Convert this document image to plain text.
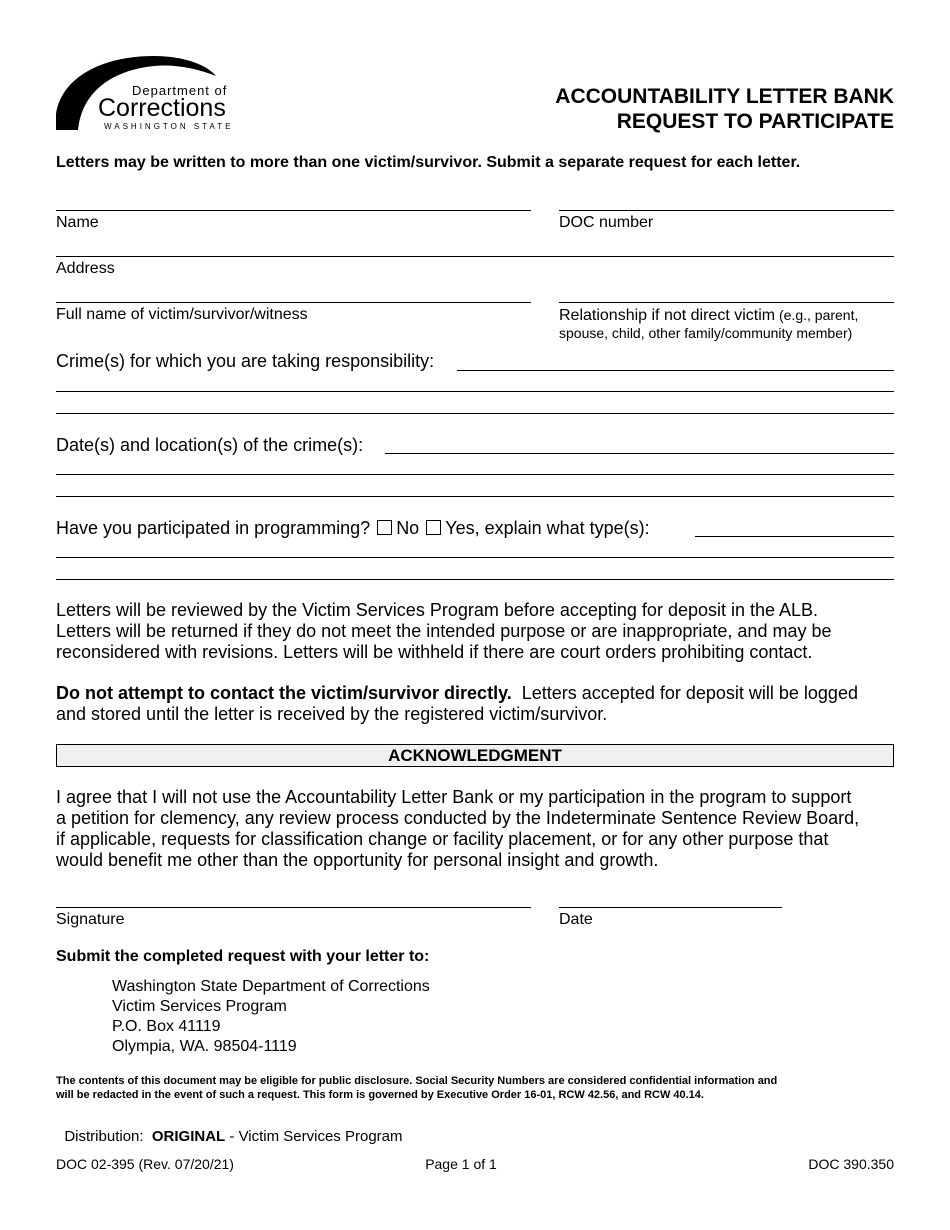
Department of
Corrections
WASHINGTON STATE
ACCOUNTABILITY LETTER BANK
REQUEST TO PARTICIPATE
Letters may be written to more than one victim/survivor. Submit a separate request for each letter.
Name	DOC number
Address
Full name of victim/survivor/witness	Relationship if not direct victim (e.g., parent,
spouse, child, other family/community member)
Crime(s) for which you are taking responsibility:
Date(s) and location(s) of the crime(s):
Have you participated in programming? No Yes, explain what type(s):
Letters will be reviewed by the Victim Services Program before accepting for deposit in the ALB.
Letters will be returned if they do not meet the intended purpose or are inappropriate, and may be
reconsidered with revisions. Letters will be withheld if there are court orders prohibiting contact.
Do not attempt to contact the victim/survivor directly.  Letters accepted for deposit will be logged
and stored until the letter is received by the registered victim/survivor.
ACKNOWLEDGMENT
I agree that I will not use the Accountability Letter Bank or my participation in the program to support
a petition for clemency, any review process conducted by the Indeterminate Sentence Review Board,
if applicable, requests for classification change or facility placement, or for any other purpose that
would benefit me other than the opportunity for personal insight and growth.
Signature	Date
Submit the completed request with your letter to:
Washington State Department of Corrections
Victim Services Program
P.O. Box 41119
Olympia, WA. 98504-1119
The contents of this document may be eligible for public disclosure. Social Security Numbers are considered confidential information and
will be redacted in the event of such a request. This form is governed by Executive Order 16-01, RCW 42.56, and RCW 40.14.

Distribution:  ORIGINAL - Victim Services Program

DOC 02-395 (Rev. 07/20/21)	Page 1 of 1	DOC 390.350
